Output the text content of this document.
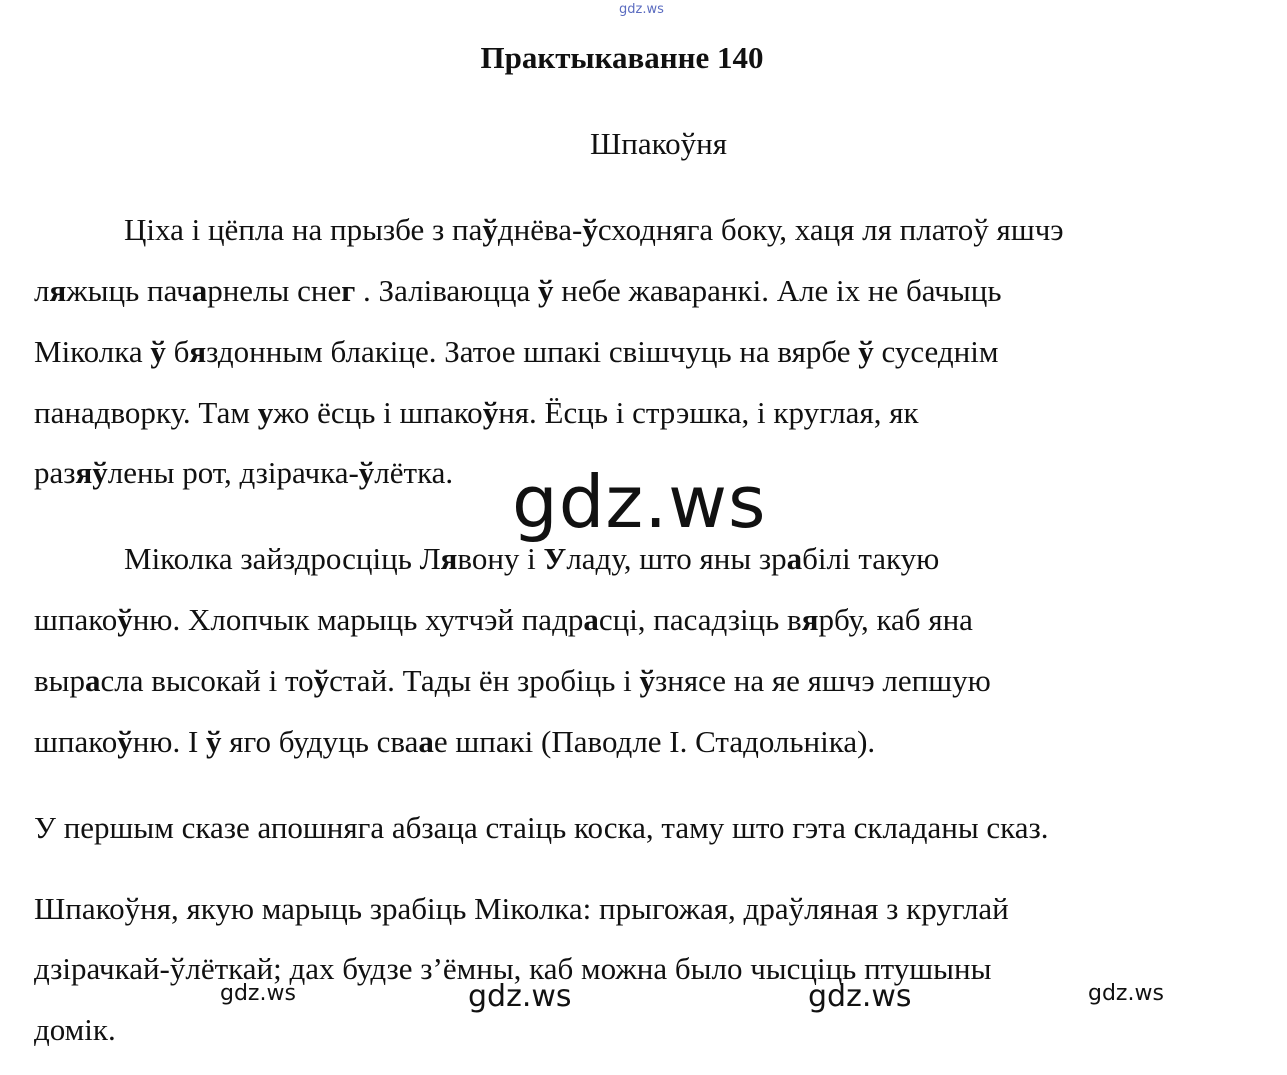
gdz.ws
Практыкаванне 140
Шпакоўня
Ціха і цёпла на прызбе з паўднёва-ўсходняга боку, хаця ля платоў яшчэ
ляжыць пачарнелы снег . Заліваюцца ў небе жаваранкі. Але іх не бачыць
Міколка ў бяздонным блакіце. Затое шпакі свішчуць на вярбе ў суседнім
панадворку. Там ужо ёсць і шпакоўня. Ёсць і стрэшка, і круглая, як
разяўлены рот, дзірачка-ўлётка.
Міколка зайздросціць Лявону і Уладу, што яны зрабілі такую
шпакоўню. Хлопчык марыць хутчэй падрасці, пасадзіць вярбу, каб яна
вырасла высокай і тоўстай. Тады ён зробіць і ўзнясе на яе яшчэ лепшую
шпакоўню. І ў яго будуць сваае шпакі (Паводле І. Стадольніка).
У першым сказе апошняга абзаца стаіць коска, таму што гэта складаны сказ.
Шпакоўня, якую марыць зрабіць Міколка: прыгожая, драўляная з круглай
дзірачкай-ўлёткай; дах будзе з’ёмны, каб можна было чысціць птушыны
домік.
gdz.ws
gdz.ws	gdz.ws	gdz.ws	gdz.ws
